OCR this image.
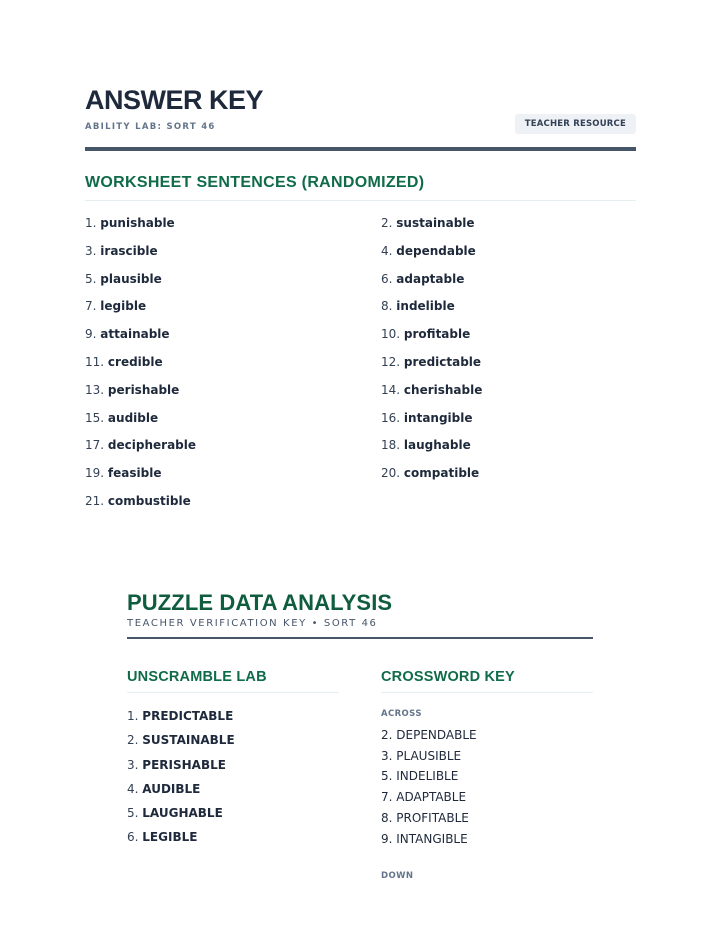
ANSWER KEY
ABILITY LAB: SORT 46	TEACHER RESOURCE
WORKSHEET SENTENCES (RANDOMIZED)
1. punishable	2. sustainable
3. irascible	4. dependable
5. plausible	6. adaptable
7. legible	8. indelible
9. attainable	10. profitable
11. credible	12. predictable
13. perishable	14. cherishable
15. audible	16. intangible
17. decipherable	18. laughable
19. feasible	20. compatible
21. combustible
PUZZLE DATA ANALYSIS
TEACHER VERIFICATION KEY • SORT 46
UNSCRAMBLE LAB
1. PREDICTABLE
2. SUSTAINABLE
3. PERISHABLE
4. AUDIBLE
5. LAUGHABLE
6. LEGIBLE
CROSSWORD KEY
ACROSS
2. DEPENDABLE
3. PLAUSIBLE
5. INDELIBLE
7. ADAPTABLE
8. PROFITABLE
9. INTANGIBLE
DOWN
